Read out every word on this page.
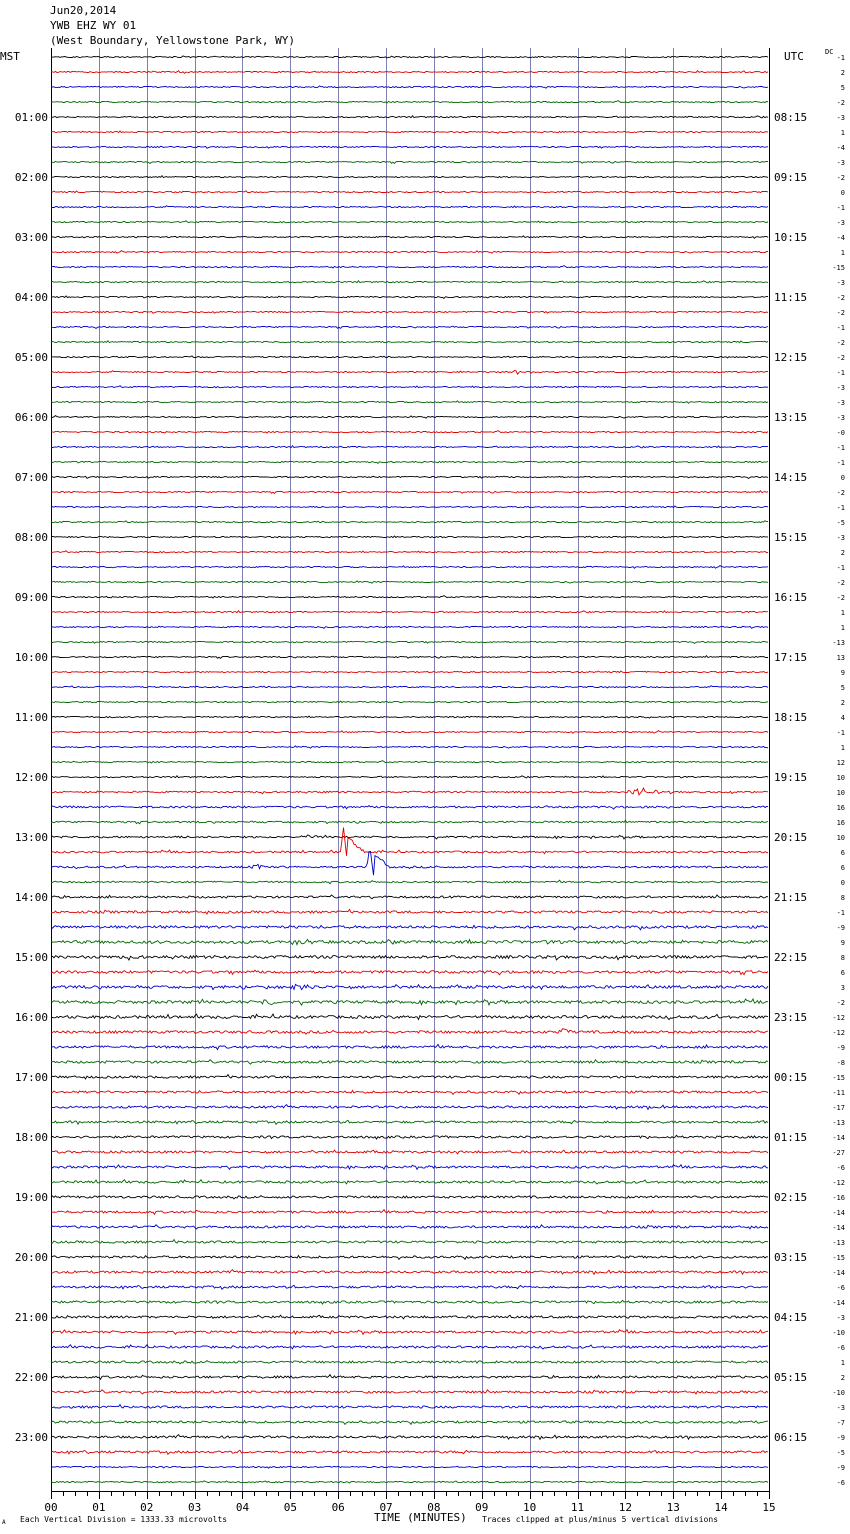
Jun20,2014
YWB EHZ WY 01
(West Boundary, Yellowstone Park, WY)
MST	UTC	DC
00	01	02	03	04	05	06	07	08	09	10	11	12	13	14	15
01:00
02:00
03:00
04:00
05:00
06:00
07:00
08:00
09:00
10:00
11:00
12:00
13:00
14:00
15:00
16:00
17:00
18:00
19:00
20:00
21:00
22:00
23:00
08:15
09:15
10:15
11:15
12:15
13:15
14:15
15:15
16:15
17:15
18:15
19:15
20:15
21:15
22:15
23:15
00:15
01:15
02:15
03:15
04:15
05:15
06:15
-1
2
5
-2
-3
1
-4
-3
-2
0
-1
-3
-4
1
-15
-3
-2
-2
-1
-2
-2
-1
-3
-3
-3
-0
-1
-1
0
-2
-1
-5
-3
2
-1
-2
-2
1
1
-13
13
9
5
2
4
-1
1
12
10
10
16
16
10
6
6
0
8
-1
-9
9
8
6
3
-2
-12
-12
-9
-8
-15
-11
-17
-13
-14
-27
-6
-12
-16
-14
-14
-13
-15
-14
-6
-14
-3
-10
-6
1
2
-10
-3
-7
-9
-5
-9
-6
A Each Vertical Division = 1333.33 microvolts	TIME (MINUTES) Traces clipped at plus/minus 5 vertical divisions
